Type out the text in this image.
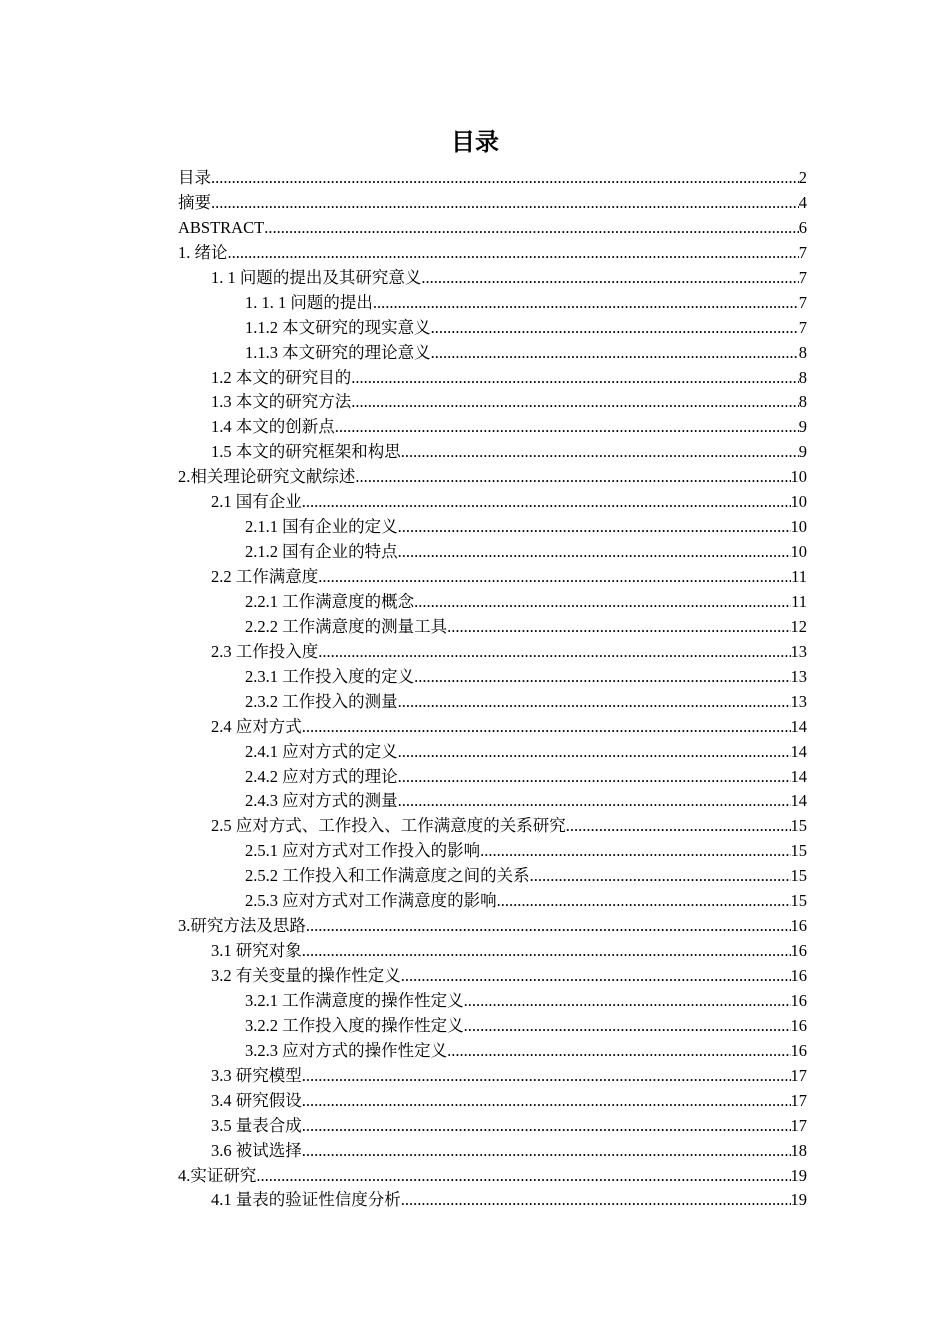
目录
目录 .....	2
摘要 .....	4
ABSTRACT .....	6
1. 绪论 .....	7
1. 1 问题的提出及其研究意义 .....	7
1. 1. 1 问题的提出 .....	7
1.1.2 本文研究的现实意义 .....	7
1.1.3 本文研究的理论意义 .....	8
1.2 本文的研究目的 .....	8
1.3 本文的研究方法 .....	8
1.4 本文的创新点 .....	9
1.5 本文的研究框架和构思 .....	9
2.相关理论研究文献综述 .....	10
2.1 国有企业 .....	10
2.1.1 国有企业的定义 .....	10
2.1.2 国有企业的特点 .....	10
2.2 工作满意度 .....	11
2.2.1 工作满意度的概念 .....	11
2.2.2 工作满意度的测量工具 .....	12
2.3 工作投入度 .....	13
2.3.1 工作投入度的定义 .....	13
2.3.2 工作投入的测量 .....	13
2.4 应对方式 .....	14
2.4.1 应对方式的定义 .....	14
2.4.2 应对方式的理论 .....	14
2.4.3 应对方式的测量 .....	14
2.5 应对方式、工作投入、工作满意度的关系研究 .....	15
2.5.1 应对方式对工作投入的影响 .....	15
2.5.2 工作投入和工作满意度之间的关系 .....	15
2.5.3 应对方式对工作满意度的影响 .....	15
3.研究方法及思路 .....	16
3.1 研究对象 .....	16
3.2 有关变量的操作性定义 .....	16
3.2.1 工作满意度的操作性定义 .....	16
3.2.2 工作投入度的操作性定义 .....	16
3.2.3 应对方式的操作性定义 .....	16
3.3 研究模型 .....	17
3.4 研究假设 .....	17
3.5 量表合成 .....	17
3.6 被试选择 .....	18
4.实证研究 .....	19
4.1 量表的验证性信度分析 .....	19
